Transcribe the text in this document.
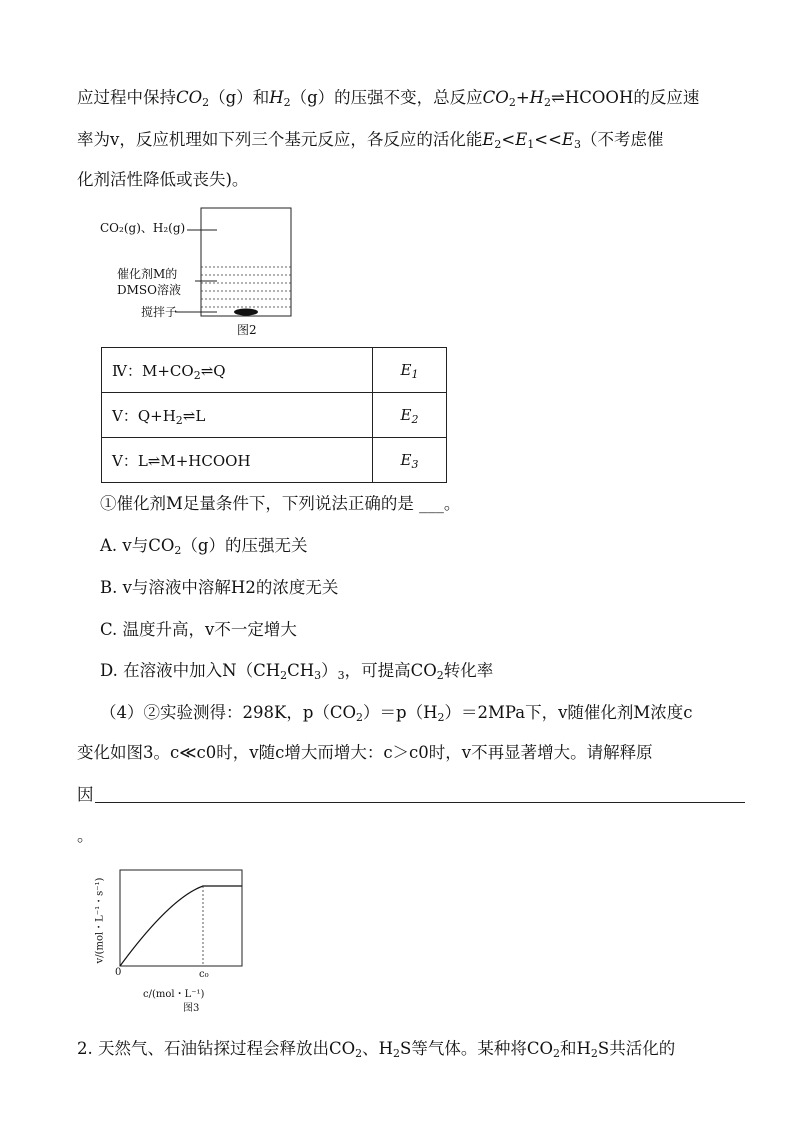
应过程中保持$CO_2(g)$和$H_2(g)$的压强不变，总反应$CO_2+H_2\rightleftharpoons HCOOH$的反应速
率为v，反应机理如下列三个基元反应，各反应的活化能$E_2<E_1<<E_3$（不考虑催
化剂活性降低或丧失)。
CO₂(g)、H₂(g)
催化剂M的
DMSO溶液
搅拌子
图2
Ⅳ：$M+CO_2\rightleftharpoons Q$	$E_1$
Ⅴ：$Q+H_2\rightleftharpoons L$	$E_2$
Ⅴ：L⇌M+HCOOH	$E_3$
①催化剂M足量条件下，下列说法正确的是 ___。
A. v与$CO_2(g)$的压强无关
B. v与溶液中溶解H2的浓度无关
C. 温度升高，v不一定增大
D. 在溶液中加入$N(CH_2CH_3)_3$，可提高$CO_2$转化率
（4）②实验测得：298K，$p(CO_2)=p(H_2)=2MPa$下，v随催化剂M浓度c
变化如图3。c≪c0时，v随c增大而增大：c＞c0时，v不再显著增大。请解释原
因
。
v/(mol・L⁻¹・s⁻¹)
0	c₀
c/(mol・L⁻¹)
图3
2. 天然气、石油钻探过程会释放出$CO_2$、$H_2S$等气体。某种将$CO_2$和$H_2S$共活化的
